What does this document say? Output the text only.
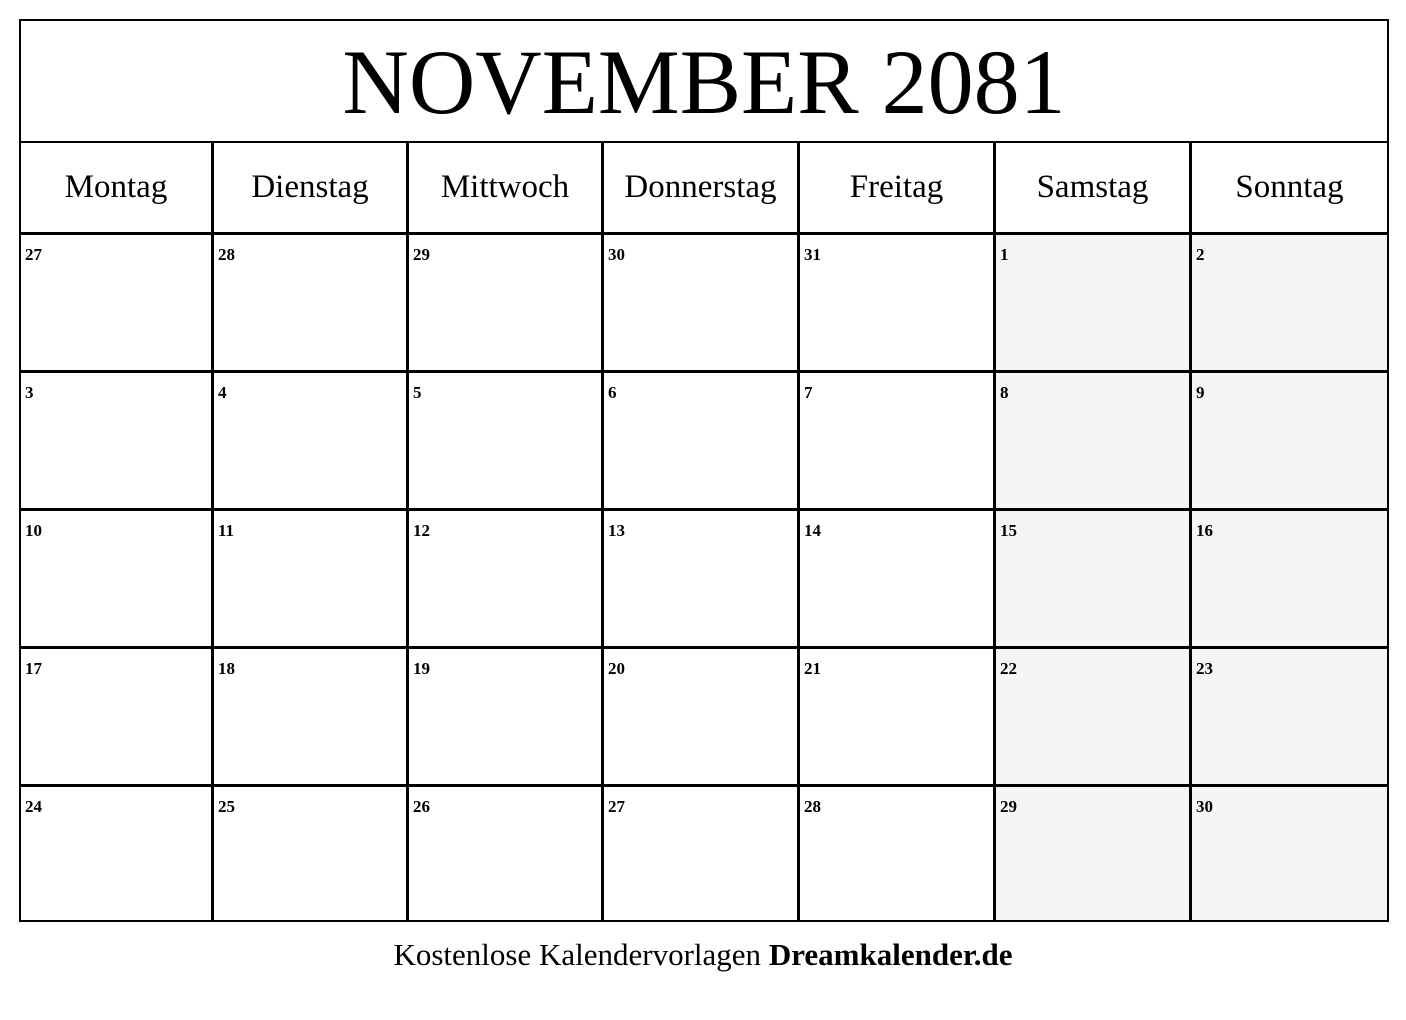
NOVEMBER 2081
Montag	Dienstag	Mittwoch	Donnerstag	Freitag	Samstag	Sonntag
27	28	29	30	31	1	2
3	4	5	6	7	8	9
10	11	12	13	14	15	16
17	18	19	20	21	22	23
24	25	26	27	28	29	30
Kostenlose Kalendervorlagen Dreamkalender.de
